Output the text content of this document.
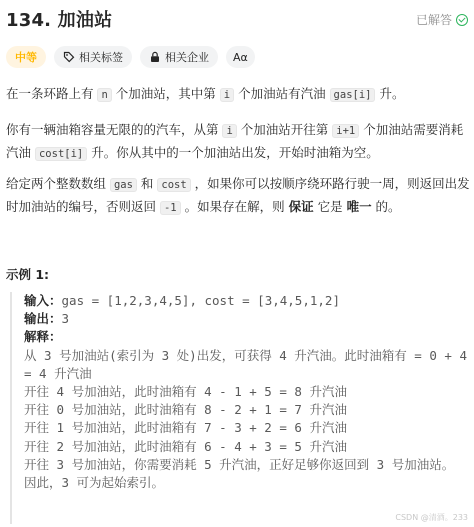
134. 加油站	已解答
中等	相关标签	相关企业 Aα
在一条环路上有 n 个加油站，其中第 i 个加油站有汽油 gas[i] 升。
你有一辆油箱容量无限的的汽车，从第 i 个加油站开往第 i+1 个加油站需要消耗汽油 cost[i] 升。你从其中的一个加油站出发，开始时油箱为空。
给定两个整数数组 gas 和 cost ，如果你可以按顺序绕环路行驶一周，则返回出发时加油站的编号，否则返回 -1 。如果存在解，则 保证 它是 唯一 的。
示例 1:
输入：gas = [1,2,3,4,5], cost = [3,4,5,1,2]
输出：3
解释：
从 3 号加油站(索引为 3 处)出发，可获得 4 升汽油。此时油箱有 = 0 + 4 = 4 升汽油
开往 4 号加油站，此时油箱有 4 - 1 + 5 = 8 升汽油
开往 0 号加油站，此时油箱有 8 - 2 + 1 = 7 升汽油
开往 1 号加油站，此时油箱有 7 - 3 + 2 = 6 升汽油
开往 2 号加油站，此时油箱有 6 - 4 + 3 = 5 升汽油
开往 3 号加油站，你需要消耗 5 升汽油，正好足够你返回到 3 号加油站。
因此，3 可为起始索引。
CSDN @清酒。233
